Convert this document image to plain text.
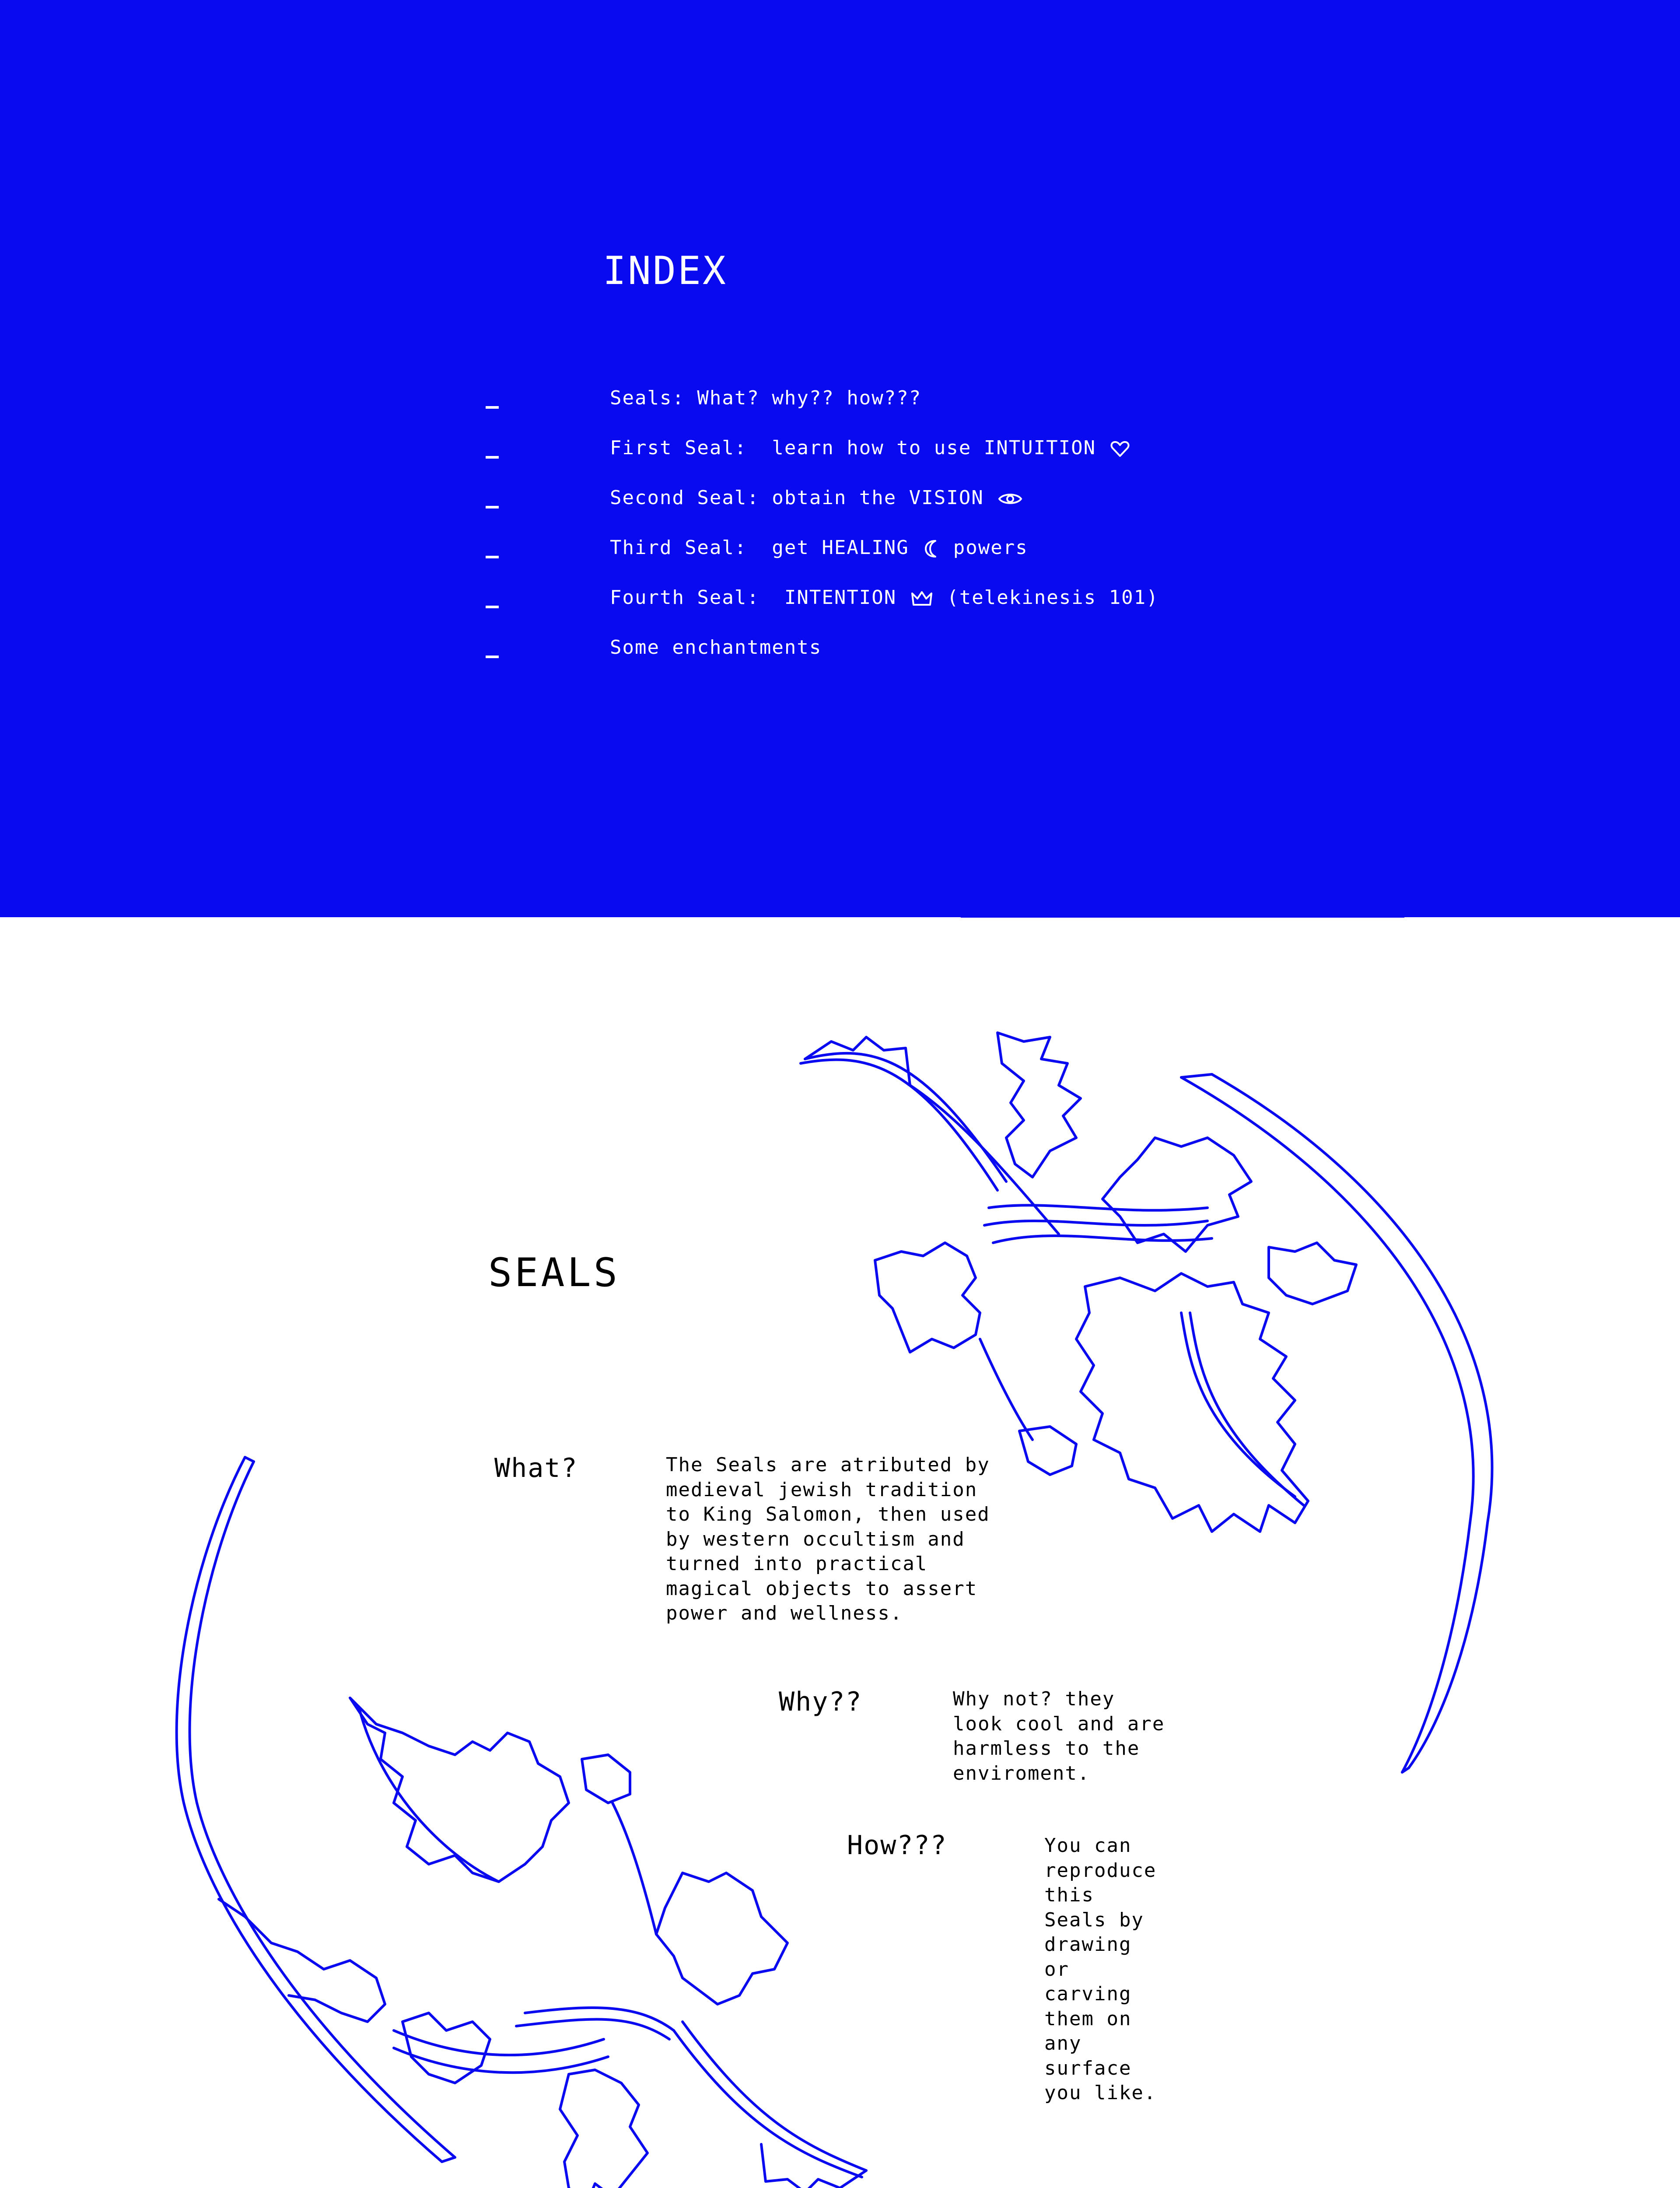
INDEX
Seals: What? why?? how???
First Seal:  learn how to use INTUITION
Second Seal: obtain the VISION
Third Seal:  get HEALING powers
Fourth Seal:  INTENTION	(telekinesis 101)
Some enchantments
SEALS
What?	The Seals are atributed by
medieval jewish tradition
to King Salomon, then used
by western occultism and
turned into practical
magical objects to assert
power and wellness.
Why??	Why not? they
look cool and are
harmless to the
enviroment.
How???	You can
reproduce
this
Seals by
drawing
or
carving
them on
any
surface
you like.
